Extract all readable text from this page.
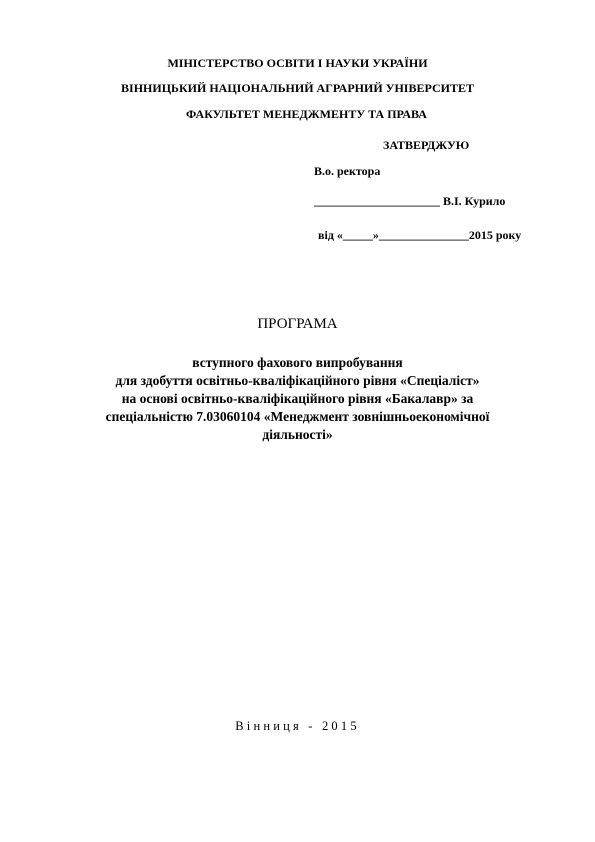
МІНІСТЕРСТВО ОСВІТИ І НАУКИ УКРАЇНИ
ВІННИЦЬКИЙ НАЦІОНАЛЬНИЙ АГРАРНИЙ УНІВЕРСИТЕТ
ФАКУЛЬТЕТ МЕНЕДЖМЕНТУ ТА ПРАВА
ЗАТВЕРДЖУЮ
В.о. ректора
_____________________ В.І. Курило
від «_____»_______________2015 року
ПРОГРАМА
вступного фахового випробування
для здобуття освітньо-кваліфікаційного рівня «Спеціаліст»
на основі освітньо-кваліфікаційного рівня «Бакалавр» за
спеціальністю 7.03060104 «Менеджмент зовнішньоекономічної
діяльності»
Вінниця - 2015
